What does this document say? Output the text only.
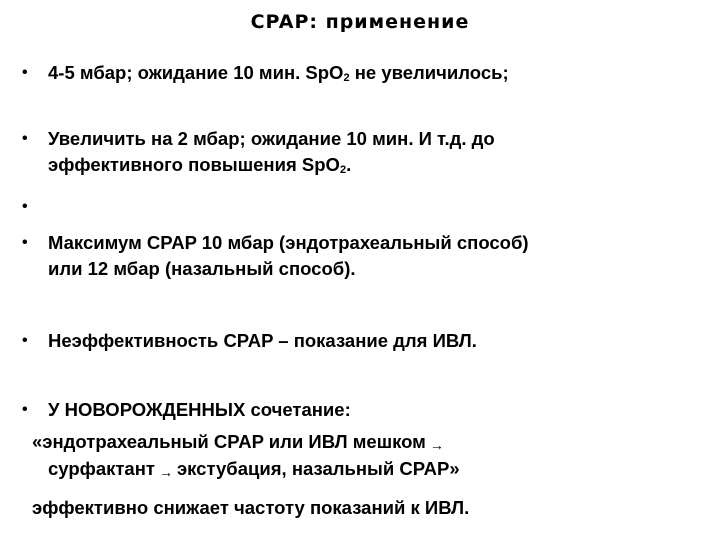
CPAP: применение
• 4-5 мбар; ожидание 10 мин. SpO$_2$ не увеличилось;
• Увеличить на 2 мбар; ожидание 10 мин. И т.д. до
эффективного повышения SpO$_2$.
•
• Максимум CPAP 10 мбар (эндотрахеальный способ)
или 12 мбар (назальный способ).
• Неэффективность CPAP – показание для ИВЛ.
• У НОВОРОЖДЕННЫХ сочетание:
«эндотрахеальный CPAP или ИВЛ мешком →
сурфактант → экстубация, назальный CPAP»
эффективно снижает частоту показаний к ИВЛ.
